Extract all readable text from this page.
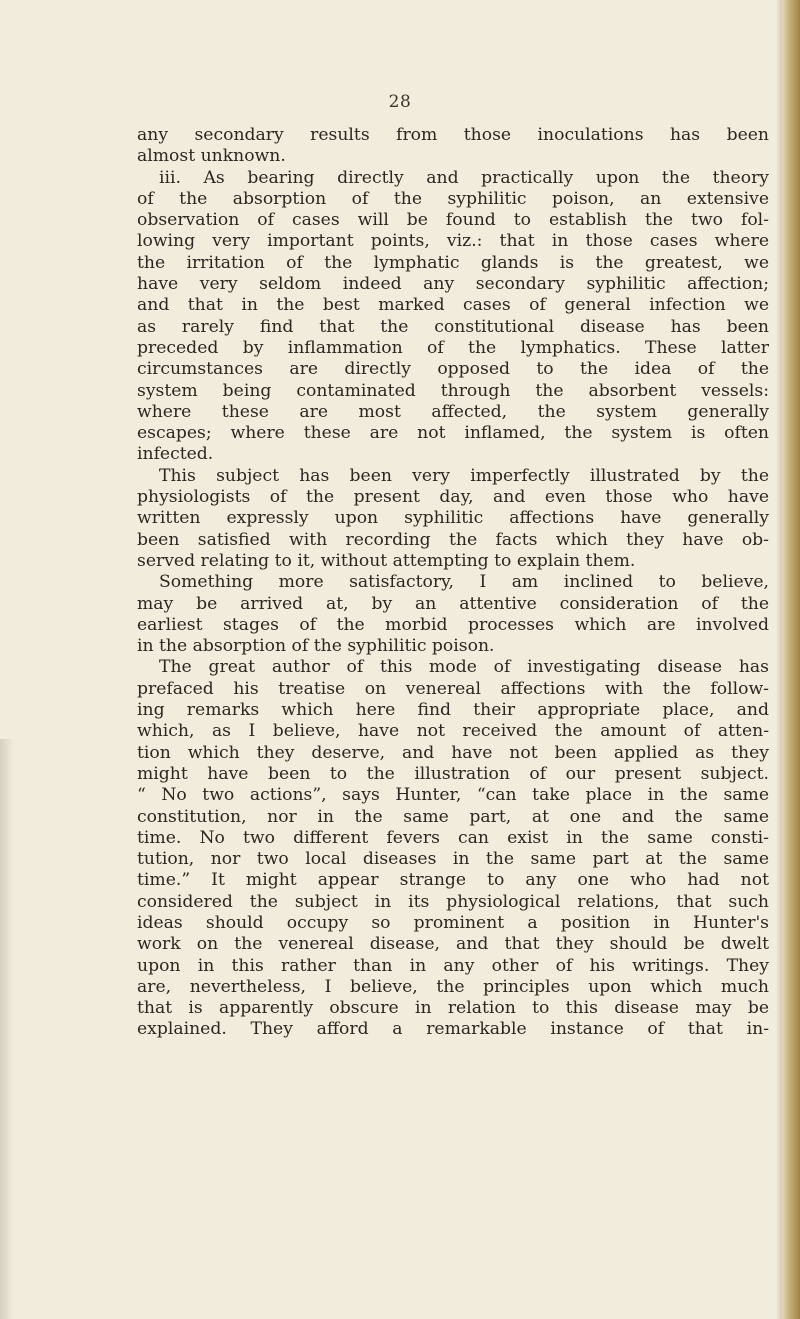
28
any secondary results from those inoculations has been
almost unknown.
iii. As bearing directly and practically upon the theory
of the absorption of the syphilitic poison, an extensive
observation of cases will be found to establish the two fol-
lowing very important points, viz.: that in those cases where
the irritation of the lymphatic glands is the greatest, we
have very seldom indeed any secondary syphilitic affection;
and that in the best marked cases of general infection we
as rarely find that the constitutional disease has been
preceded by inflammation of the lymphatics. These latter
circumstances are directly opposed to the idea of the
system being contaminated through the absorbent vessels:
where these are most affected, the system generally
escapes; where these are not inflamed, the system is often
infected.
This subject has been very imperfectly illustrated by the
physiologists of the present day, and even those who have
written expressly upon syphilitic affections have generally
been satisfied with recording the facts which they have ob-
served relating to it, without attempting to explain them.
Something more satisfactory, I am inclined to believe,
may be arrived at, by an attentive consideration of the
earliest stages of the morbid processes which are involved
in the absorption of the syphilitic poison.
The great author of this mode of investigating disease has
prefaced his treatise on venereal affections with the follow-
ing remarks which here find their appropriate place, and
which, as I believe, have not received the amount of atten-
tion which they deserve, and have not been applied as they
might have been to the illustration of our present subject.
“ No two actions”, says Hunter, “can take place in the same
constitution, nor in the same part, at one and the same
time. No two different fevers can exist in the same consti-
tution, nor two local diseases in the same part at the same
time.” It might appear strange to any one who had not
considered the subject in its physiological relations, that such
ideas should occupy so prominent a position in Hunter's
work on the venereal disease, and that they should be dwelt
upon in this rather than in any other of his writings. They
are, nevertheless, I believe, the principles upon which much
that is apparently obscure in relation to this disease may be
explained. They afford a remarkable instance of that in-
